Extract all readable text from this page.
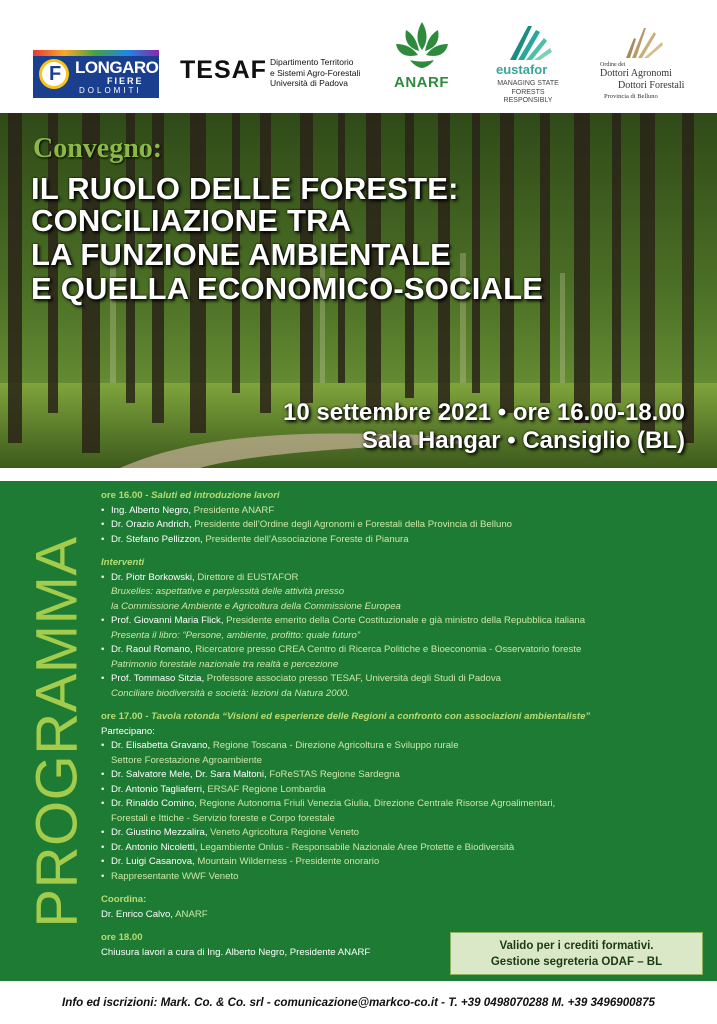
F
LONGARONE
FIERE
DOLOMITI
TESAF Dipartimento Territorio
e Sistemi Agro-Forestali
Università di Padova	ANARF
eustafor
MANAGING STATE
FORESTS RESPONSIBLY
Ordine dei
Dottori Agronomi
Dottori Forestali
Provincia di Belluno
Convegno:
IL RUOLO DELLE FORESTE:
CONCILIAZIONE TRA
LA FUNZIONE AMBIENTALE
E QUELLA ECONOMICO-SOCIALE
10 settembre 2021 • ore 16.00-18.00
Sala Hangar • Cansiglio (BL)
PROGRAMMA
ore 16.00 - Saluti ed introduzione lavori
• Ing. Alberto Negro, Presidente ANARF
• Dr. Orazio Andrich, Presidente dell’Ordine degli Agronomi e Forestali della Provincia di Belluno
• Dr. Stefano Pellizzon, Presidente dell’Associazione Foreste di Pianura
Interventi
• Dr. Piotr Borkowski, Direttore di EUSTAFOR
Bruxelles: aspettative e perplessità delle attività presso
la Commissione Ambiente e Agricoltura della Commissione Europea
• Prof. Giovanni Maria Flick, Presidente emerito della Corte Costituzionale e già ministro della Repubblica italiana
Presenta il libro: “Persone, ambiente, profitto: quale futuro”
• Dr. Raoul Romano, Ricercatore presso CREA Centro di Ricerca Politiche e Bioeconomia - Osservatorio foreste
Patrimonio forestale nazionale tra realtà e percezione
• Prof. Tommaso Sitzia, Professore associato presso TESAF, Università degli Studi di Padova
Conciliare biodiversità e società: lezioni da Natura 2000.
ore 17.00 - Tavola rotonda “Visioni ed esperienze delle Regioni a confronto con associazioni ambientaliste”
Partecipano:
• Dr. Elisabetta Gravano, Regione Toscana - Direzione Agricoltura e Sviluppo rurale
Settore Forestazione Agroambiente
• Dr. Salvatore Mele, Dr. Sara Maltoni, FoReSTAS Regione Sardegna
• Dr. Antonio Tagliaferri, ERSAF Regione Lombardia
• Dr. Rinaldo Comino, Regione Autonoma Friuli Venezia Giulia, Direzione Centrale Risorse Agroalimentari,
Forestali e Ittiche - Servizio foreste e Corpo forestale
• Dr. Giustino Mezzalira, Veneto Agricoltura Regione Veneto
• Dr. Antonio Nicoletti, Legambiente Onlus - Responsabile Nazionale Aree Protette e Biodiversità
• Dr. Luigi Casanova, Mountain Wilderness - Presidente onorario
• Rappresentante WWF Veneto
Coordina:
Dr. Enrico Calvo, ANARF
ore 18.00
Chiusura lavori a cura di Ing. Alberto Negro, Presidente ANARF	Valido per i crediti formativi.
Gestione segreteria ODAF – BL
Info ed iscrizioni: Mark. Co. & Co. srl - comunicazione@markco-co.it - T. +39 0498070288 M. +39 3496900875
